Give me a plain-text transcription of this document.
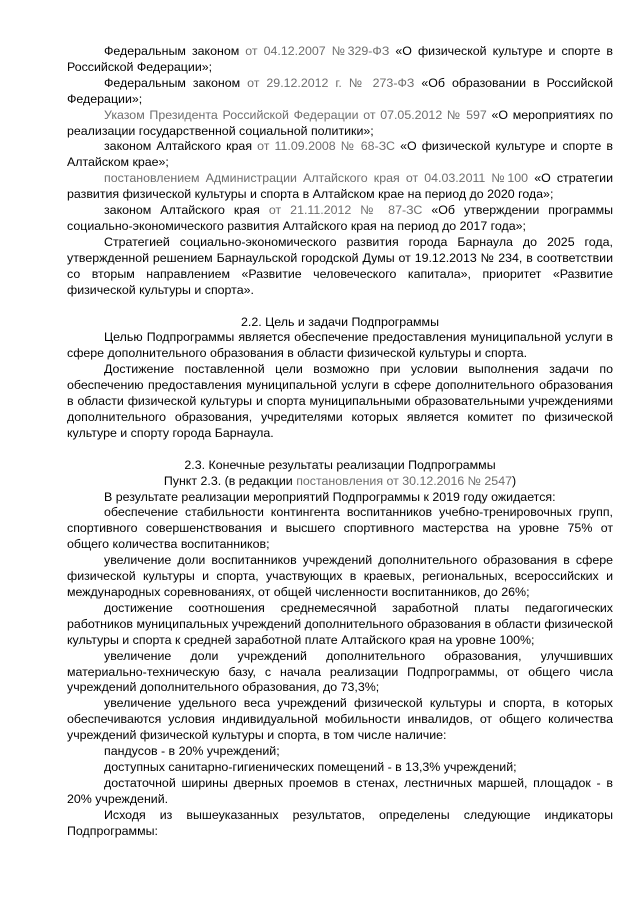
Федеральным законом от 04.12.2007 №329-ФЗ «О физической культуре и спорте в Российской Федерации»;

Федеральным законом от 29.12.2012 г. № 273-ФЗ «Об образовании в Российской Федерации»;

Указом Президента Российской Федерации от 07.05.2012 № 597 «О мероприятиях по реализации государственной социальной политики»;

законом Алтайского края от 11.09.2008 № 68-ЗС «О физической культуре и спорте в Алтайском крае»;

постановлением Администрации Алтайского края от 04.03.2011 №100 «О стратегии развития физической культуры и спорта в Алтайском крае на период до 2020 года»;

законом Алтайского края от 21.11.2012 № 87-ЗС «Об утверждении программы социально-экономического развития Алтайского края на период до 2017 года»;

Стратегией социально-экономического развития города Барнаула до 2025 года, утвержденной решением Барнаульской городской Думы от 19.12.2013 № 234, в соответствии со вторым направлением «Развитие человеческого капитала», приоритет «Развитие физической культуры и спорта».

2.2. Цель и задачи Подпрограммы

Целью Подпрограммы является обеспечение предоставления муниципальной услуги в сфере дополнительного образования в области физической культуры и спорта.

Достижение поставленной цели возможно при условии выполнения задачи по обеспечению предоставления муниципальной услуги в сфере дополнительного образования в области физической культуры и спорта муниципальными образовательными учреждениями дополнительного образования, учредителями которых является комитет по физической культуре и спорту города Барнаула.

2.3. Конечные результаты реализации Подпрограммы
Пункт 2.3. (в редакции постановления от 30.12.2016 № 2547)

В результате реализации мероприятий Подпрограммы к 2019 году ожидается:

обеспечение стабильности контингента воспитанников учебно-тренировочных групп, спортивного совершенствования и высшего спортивного мастерства на уровне 75% от общего количества воспитанников;

увеличение доли воспитанников учреждений дополнительного образования в сфере физической культуры и спорта, участвующих в краевых, региональных, всероссийских и международных соревнованиях, от общей численности воспитанников, до 26%;

достижение соотношения среднемесячной заработной платы педагогических работников муниципальных учреждений дополнительного образования в области физической культуры и спорта к средней заработной плате Алтайского края на уровне 100%;

увеличение доли учреждений дополнительного образования, улучшивших материально-техническую базу, с начала реализации Подпрограммы, от общего числа учреждений дополнительного образования, до 73,3%;

увеличение удельного веса учреждений физической культуры и спорта, в которых обеспечиваются условия индивидуальной мобильности инвалидов, от общего количества учреждений физической культуры и спорта, в том числе наличие:

пандусов - в 20% учреждений;

доступных санитарно-гигиенических помещений - в 13,3% учреждений;

достаточной ширины дверных проемов в стенах, лестничных маршей, площадок - в 20% учреждений.

Исходя из вышеуказанных результатов, определены следующие индикаторы Подпрограммы:
